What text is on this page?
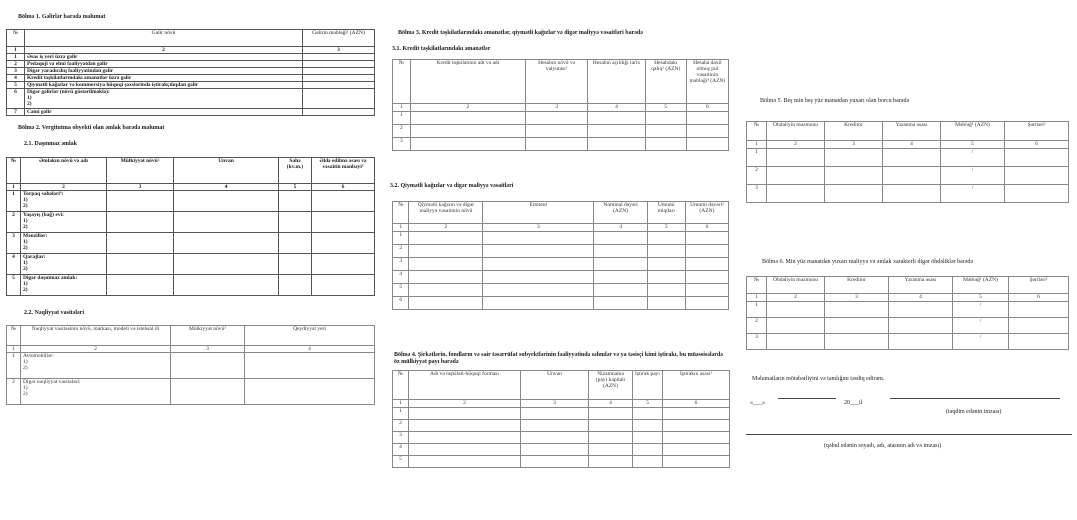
Bölmə 1. Gəlirlər barədə məlumat
№	Gəlir növü	Gəlirin məbləği¹ (AZN)
1	2	3
1	Əsas iş yeri üzrə gəlir	
2	Pedaqoji və elmi fəaliyyətdən gəlir	
3	Digər yaradıcılıq fəaliyyətindən gəlir	
4	Kredit təşkilatlarındakı əmanətlər üzrə gəlir	
5	Qiymətli kağızlar və kommersiya hüquqi şəxslərində iştirakçılıqdan gəlir	
6	Digər gəlirlər (növü göstərilməklə):
1)
2)	
7	Cəmi gəlir	
Bölmə 2. Vergitutma obyekti olan əmlak barədə məlumat
2.1. Daşınmaz əmlak
№	Əmlakın növü və adı	Mülkiyyət növü²	Ünvan	Sahə (kv.m.)	Əldə edilmə əsası və vəsaitin mənbəyi³
1	2	3	4	5	6
1	Torpaq sahələri⁴:
1)
2)				
2	Yaşayış (bağ) evi:
1)
2)				
3	Mənzillər:
1)
2)				
4	Qarajlar:
1)
2)				
5	Digər daşınmaz əmlak:
1)
2)				
2.2. Nəqliyyat vasitələri
№	Nəqliyyat vasitəsinin növü, markası, modeli və istehsal ili	Mülkiyyət növü²	Qeydiyyat yeri
1	2	3	4
1	Avtomobillər:
1)
2)		
2	Digər nəqliyyat vasitələri:
1)
2)		
Bölmə 3. Kredit təşkilatlarındakı əmanətlər, qiymətli kağızlar və digər maliyyə vəsaitləri barədə
3.1. Kredit təşkilatlarındakı əmanətlər
№	Kredit təşkilatının adı və adı	Hesabın növü və valyutası¹	Hesabın açıldığı tarix	Hesabdakı qalıq² (AZN)	Hesaba daxil olmuş pul vəsaitinin məbləği³ (AZN)
1	2	3	4	5	6
1					
2					
3					
3.2. Qiymətli kağızlar və digər maliyyə vəsaitləri
№	Qiymətli kağızın və digər maliyyə vəsaitinin növü	Emitent	Nominal dəyəri (AZN)	Ümumi miqdarı	Ümumi dəyəri² (AZN)
1	2	3	4	5	6
1					
2					
3					
4					
5					
6					
Bölmə 4. Şirkətlərin, fondların və sair təsərrüfat subyektlərinin fəaliyyətində səhmlər və ya təsisçi kimi iştirakı, bu müəssisələrdə öz mülkiyyət payı barədə
№	Adı və təşkilati-hüquqi forması	Ünvan	Nizamnamə (pay) kapitalı (AZN)	İştirak payı	İştirakın əsası¹
1	2	3	4	5	6
1					
2					
3					
4					
5					
Bölmə 5. Beş min beş yüz manatdan yuxarı olan borcu barədə
№	Öhdəliyin məzmunu	Kreditor	Yaranma əsası	Məbləğ¹ (AZN)	Şərtləri²
1	2	3	4	5	6
1				/	
2				/	
3				/	
Bölmə 6. Min yüz manatdan yuxarı maliyyə və əmlak xarakterli digər öhdəliklər barədə
№	Öhdəliyin məzmunu	Kreditor	Yaranma əsası	Məbləğ¹ (AZN)	Şərtləri²
1	2	3	4	5	6
1				/	
2				/	
3				/	
Məlumatların mötəbərliyini və tamlığını təsdiq edirəm.
«___»	20___il
(təqdim edənin imzası)
(qəbul edənin soyadı, adı, atasının adı və imzası)
